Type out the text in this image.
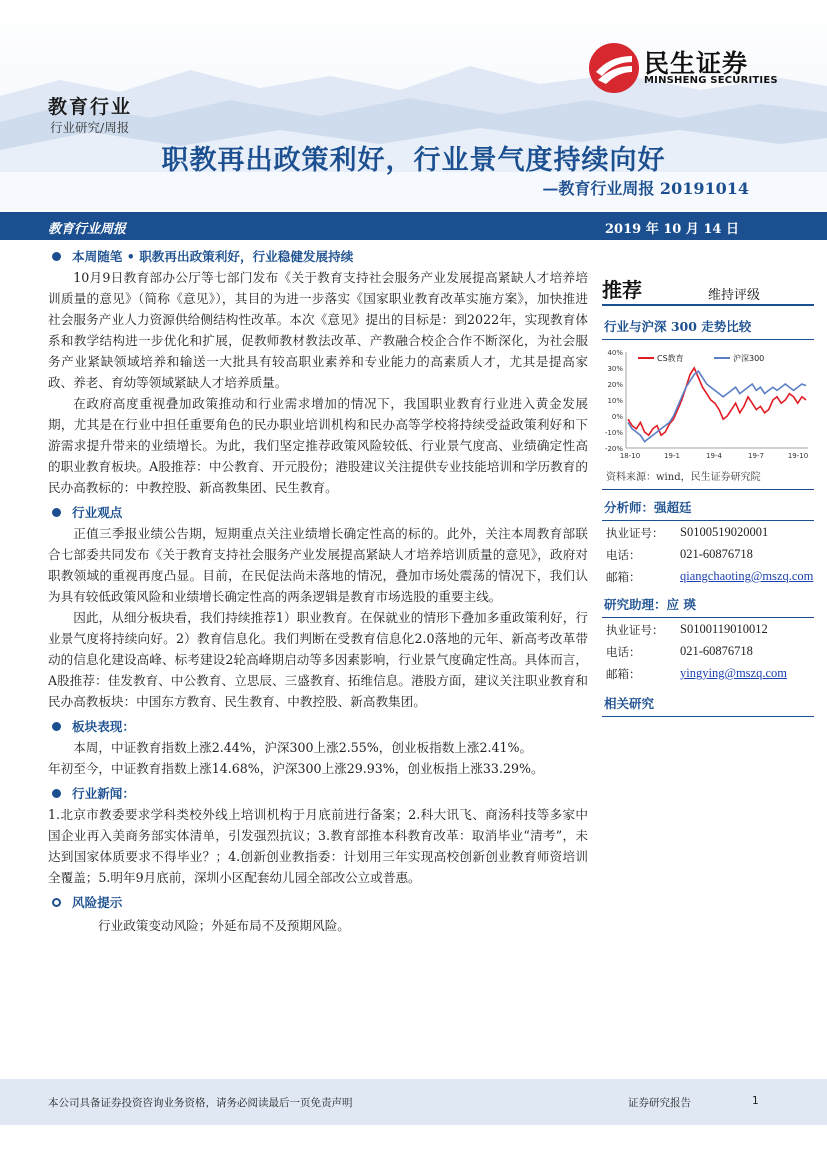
教育行业
行业研究/周报
民生证券
MINSHENG SECURITIES
职教再出政策利好，行业景气度持续向好
—教育行业周报 20191014
教育行业周报	2019 年 10 月 14 日
本周随笔 • 职教再出政策利好，行业稳健发展持续

10月9日教育部办公厅等七部门发布《关于教育支持社会服务产业发展提高紧缺人才培养培训质量的意见》（简称《意见》），其目的为进一步落实《国家职业教育改革实施方案》，加快推进社会服务产业人力资源供给侧结构性改革。本次《意见》提出的目标是：到2022年，实现教育体系和教学结构进一步优化和扩展，促教师教材教法改革、产教融合校企合作不断深化，为社会服务产业紧缺领域培养和输送一大批具有较高职业素养和专业能力的高素质人才，尤其是提高家政、养老、育幼等领域紧缺人才培养质量。

在政府高度重视叠加政策推动和行业需求增加的情况下，我国职业教育行业进入黄金发展期，尤其是在行业中担任重要角色的民办职业培训机构和民办高等学校将持续受益政策利好和下游需求提升带来的业绩增长。为此，我们坚定推荐政策风险较低、行业景气度高、业绩确定性高的职业教育板块。A股推荐：中公教育、开元股份；港股建议关注提供专业技能培训和学历教育的民办高教标的：中教控股、新高教集团、民生教育。

行业观点

正值三季报业绩公告期，短期重点关注业绩增长确定性高的标的。此外，关注本周教育部联合七部委共同发布《关于教育支持社会服务产业发展提高紧缺人才培养培训质量的意见》，政府对职教领域的重视再度凸显。目前，在民促法尚未落地的情况，叠加市场处震荡的情况下，我们认为具有较低政策风险和业绩增长确定性高的两条逻辑是教育市场选股的重要主线。

因此，从细分板块看，我们持续推荐1）职业教育。在保就业的情形下叠加多重政策利好，行业景气度将持续向好。2）教育信息化。我们判断在受教育信息化2.0落地的元年、新高考改革带动的信息化建设高峰、标考建设2轮高峰期启动等多因素影响，行业景气度确定性高。具体而言，A股推荐：佳发教育、中公教育、立思辰、三盛教育、拓维信息。港股方面，建议关注职业教育和民办高教板块：中国东方教育、民生教育、中教控股、新高教集团。

板块表现：

本周，中证教育指数上涨2.44%，沪深300上涨2.55%，创业板指数上涨2.41%。

年初至今，中证教育指数上涨14.68%，沪深300上涨29.93%，创业板指上涨33.29%。

行业新闻：

1.北京市教委要求学科类校外线上培训机构于月底前进行备案；2.科大讯飞、商汤科技等多家中国企业再入美商务部实体清单，引发强烈抗议；3.教育部推本科教育改革：取消毕业“清考”，未达到国家体质要求不得毕业？；4.创新创业教指委：计划用三年实现高校创新创业教育师资培训全覆盖；5.明年9月底前，深圳小区配套幼儿园全部改公立或普惠。

风险提示

行业政策变动风险；外延布局不及预期风险。

推荐	维持评级
行业与沪深 300 走势比较
40%
30%
20%
10%
0%
-10%
-20%
18-10	19-1	19-4	19-7	19-10
CS教育	沪深300
资料来源：wind，民生证券研究院
分析师：强超廷
执业证号： S0100519020001
电话：	021-60876718
邮箱：	qiangchaoting@mszq.com
研究助理：应 瑛
执业证号： S0100119010012
电话：	021-60876718
邮箱：	yingying@mszq.com
相关研究
本公司具备证券投资咨询业务资格，请务必阅读最后一页免责声明	证券研究报告	1
